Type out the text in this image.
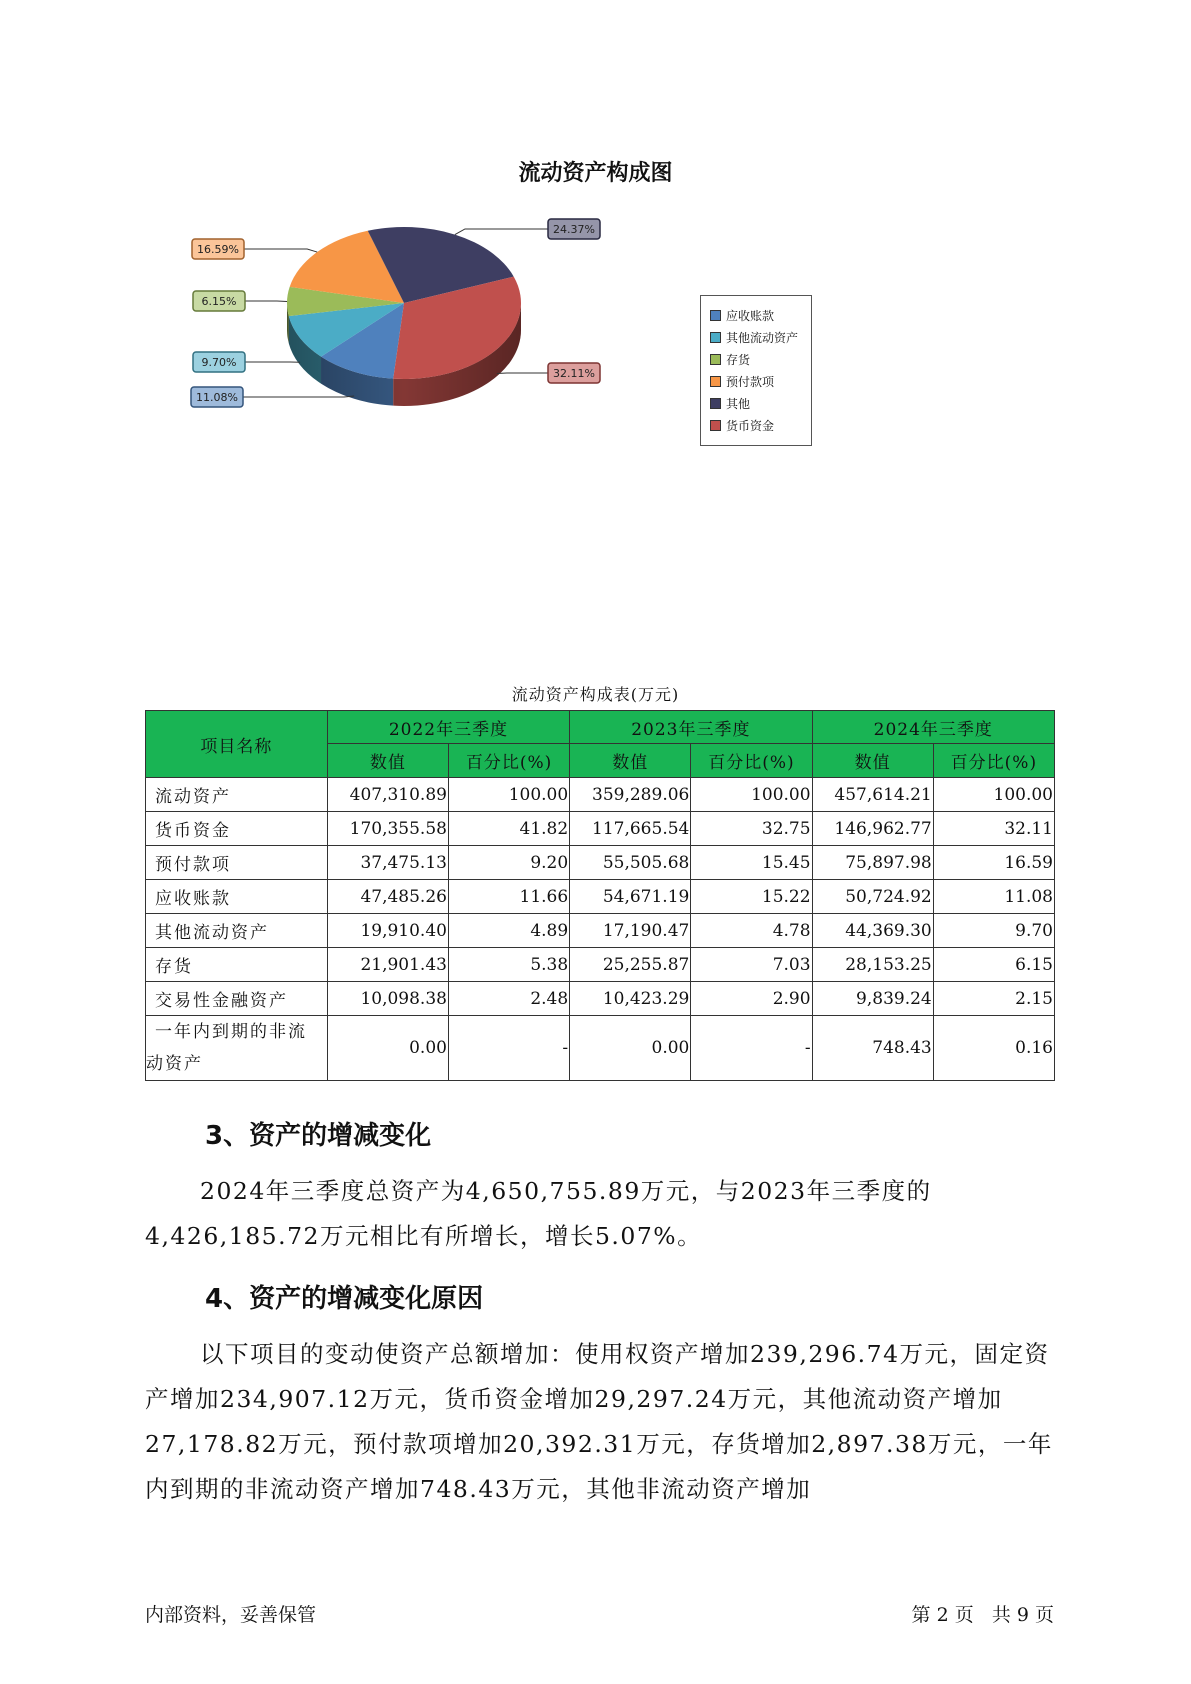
流动资产构成图
11.08%
9.70%
6.15%
16.59%
24.37%
32.11%
应收账款
其他流动资产
存货
预付款项
其他
货币资金
流动资产构成表(万元)
项目名称	2022年三季度		2023年三季度		2024年三季度	
	数值	百分比(%)	数值	百分比(%)	数值	百分比(%)
流动资产	407,310.89	100.00	359,289.06	100.00	457,614.21	100.00
货币资金	170,355.58	41.82	117,665.54	32.75	146,962.77	32.11
预付款项	37,475.13	9.20	55,505.68	15.45	75,897.98	16.59
应收账款	47,485.26	11.66	54,671.19	15.22	50,724.92	11.08
其他流动资产	19,910.40	4.89	17,190.47	4.78	44,369.30	9.70
存货	21,901.43	5.38	25,255.87	7.03	28,153.25	6.15
交易性金融资产	10,098.38	2.48	10,423.29	2.90	9,839.24	2.15

一年内到期的非流
动资产	0.00	-	0.00	-	748.43	0.16
3、资产的增减变化

2024年三季度总资产为4,650,755.89万元，与2023年三季度的4,426,185.72万元相比有所增长，增长5.07%。

4、资产的增减变化原因

以下项目的变动使资产总额增加：使用权资产增加239,296.74万元，固定资产增加234,907.12万元，货币资金增加29,297.24万元，其他流动资产增加27,178.82万元，预付款项增加20,392.31万元，存货增加2,897.38万元，一年内到期的非流动资产增加748.43万元，其他非流动资产增加

内部资料，妥善保管	第 2 页   共 9 页
